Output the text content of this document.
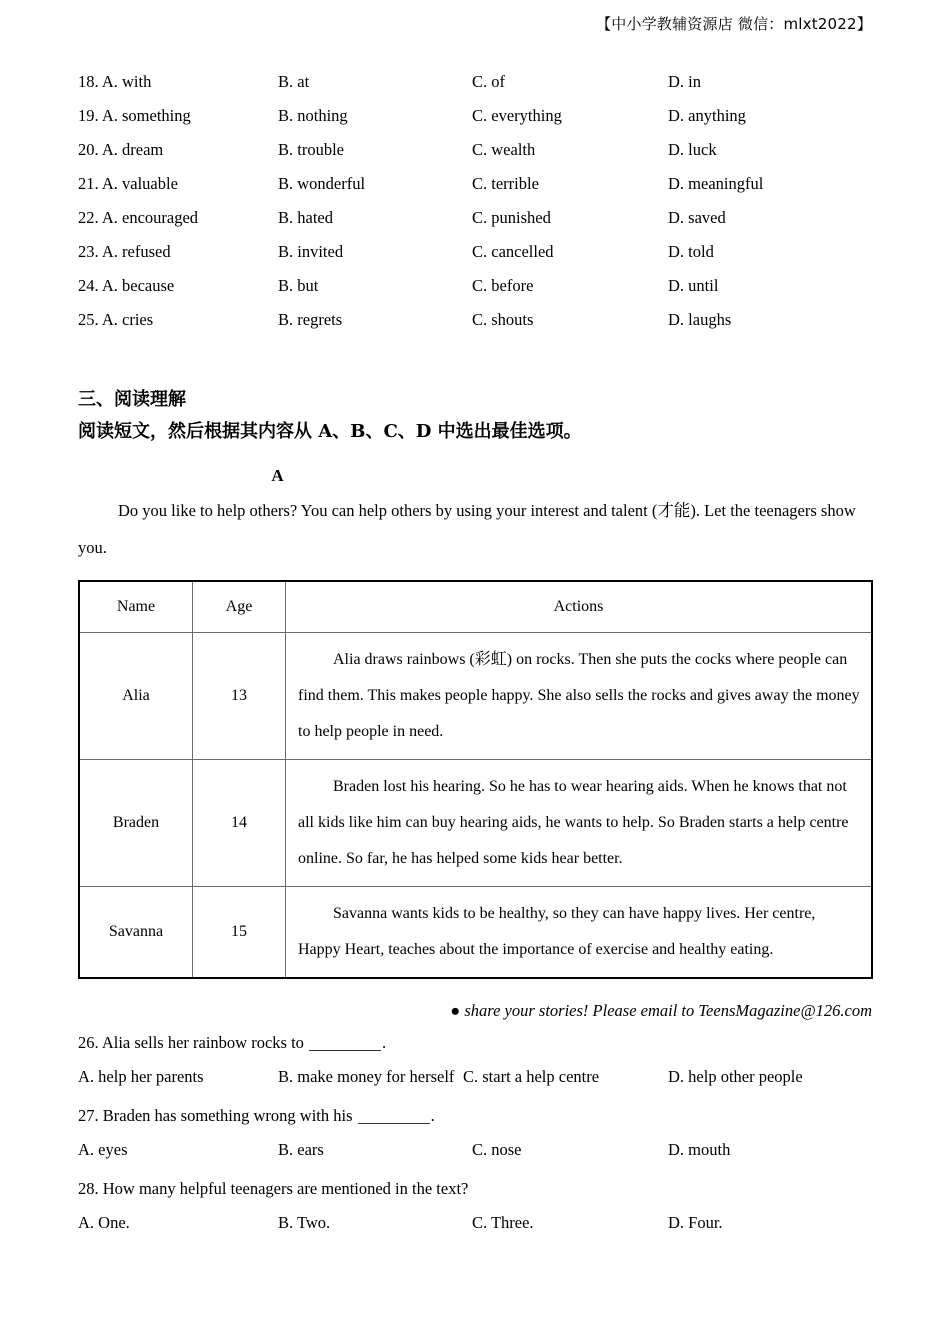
【中小学教辅资源店 微信：mlxt2022】
18. A. with	B. at	C. of	D. in
19. A. something	B. nothing	C. everything	D. anything
20. A. dream	B. trouble	C. wealth	D. luck
21. A. valuable	B. wonderful	C. terrible	D. meaningful
22. A. encouraged	B. hated	C. punished	D. saved
23. A. refused	B. invited	C. cancelled	D. told
24. A. because	B. but	C. before	D. until
25. A. cries	B. regrets	C. shouts	D. laughs

三、阅读理解

阅读短文，然后根据其内容从 A、B、C、D 中选出最佳选项。

A

Do you like to help others? You can help others by using your interest and talent (才能). Let the teenagers show you.

Name	Age	Actions
Alia	13	Alia draws rainbows (彩虹) on rocks. Then she puts the cocks where people can find them. This makes people happy. She also sells the rocks and gives away the money to help people in need.
Braden	14	Braden lost his hearing. So he has to wear hearing aids. When he knows that not all kids like him can buy hearing aids, he wants to help. So Braden starts a help centre online. So far, he has helped some kids hear better.
Savanna	15	Savanna wants kids to be healthy, so they can have happy lives. Her centre, Happy Heart, teaches about the importance of exercise and healthy eating.

● share your stories! Please email to TeensMagazine@126.com

26. Alia sells her rainbow rocks to	.

A. help her parents	B. make money for herself C. start a help centre	D. help other people

27. Braden has something wrong with his	.

A. eyes	B. ears	C. nose	D. mouth

28. How many helpful teenagers are mentioned in the text?

A. One.	B. Two.	C. Three.	D. Four.
